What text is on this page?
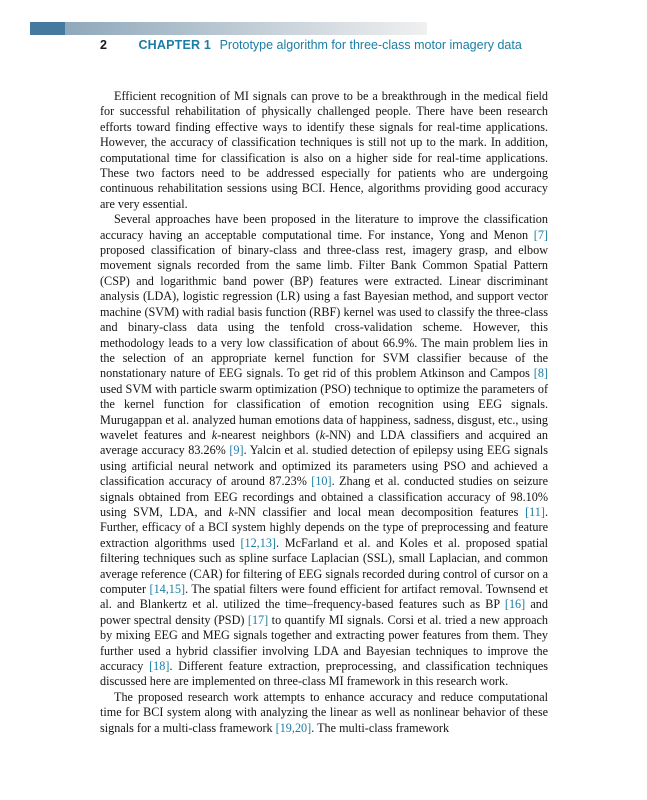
2	CHAPTER 1 Prototype algorithm for three-class motor imagery data

Efficient recognition of MI signals can prove to be a breakthrough in the medical field for successful rehabilitation of physically challenged people. There have been research efforts toward finding effective ways to identify these signals for real-time applications. However, the accuracy of classification techniques is still not up to the mark. In addition, computational time for classification is also on a higher side for real-time applications. These two factors need to be addressed especially for patients who are undergoing continuous rehabilitation sessions using BCI. Hence, algorithms providing good accuracy are very essential.

Several approaches have been proposed in the literature to improve the classification accuracy having an acceptable computational time. For instance, Yong and Menon [7] proposed classification of binary-class and three-class rest, imagery grasp, and elbow movement signals recorded from the same limb. Filter Bank Common Spatial Pattern (CSP) and logarithmic band power (BP) features were extracted. Linear discriminant analysis (LDA), logistic regression (LR) using a fast Bayesian method, and support vector machine (SVM) with radial basis function (RBF) kernel was used to classify the three-class and binary-class data using the tenfold cross-validation scheme. However, this methodology leads to a very low classification of about 66.9%. The main problem lies in the selection of an appropriate kernel function for SVM classifier because of the nonstationary nature of EEG signals. To get rid of this problem Atkinson and Campos [8] used SVM with particle swarm optimization (PSO) technique to optimize the parameters of the kernel function for classification of emotion recognition using EEG signals. Murugappan et al. analyzed human emotions data of happiness, sadness, disgust, etc., using wavelet features and k-nearest neighbors (k-NN) and LDA classifiers and acquired an average accuracy 83.26% [9]. Yalcin et al. studied detection of epilepsy using EEG signals using artificial neural network and optimized its parameters using PSO and achieved a classification accuracy of around 87.23% [10]. Zhang et al. conducted studies on seizure signals obtained from EEG recordings and obtained a classification accuracy of 98.10% using SVM, LDA, and k-NN classifier and local mean decomposition features [11]. Further, efficacy of a BCI system highly depends on the type of preprocessing and feature extraction algorithms used [12,13]. McFarland et al. and Koles et al. proposed spatial filtering techniques such as spline surface Laplacian (SSL), small Laplacian, and common average reference (CAR) for filtering of EEG signals recorded during control of cursor on a computer [14,15]. The spatial filters were found efficient for artifact removal. Townsend et al. and Blankertz et al. utilized the time–frequency-based features such as BP [16] and power spectral density (PSD) [17] to quantify MI signals. Corsi et al. tried a new approach by mixing EEG and MEG signals together and extracting power features from them. They further used a hybrid classifier involving LDA and Bayesian techniques to improve the accuracy [18]. Different feature extraction, preprocessing, and classification techniques discussed here are implemented on three-class MI framework in this research work.

The proposed research work attempts to enhance accuracy and reduce computational time for BCI system along with analyzing the linear as well as nonlinear behavior of these signals for a multi-class framework [19,20]. The multi-class framework
